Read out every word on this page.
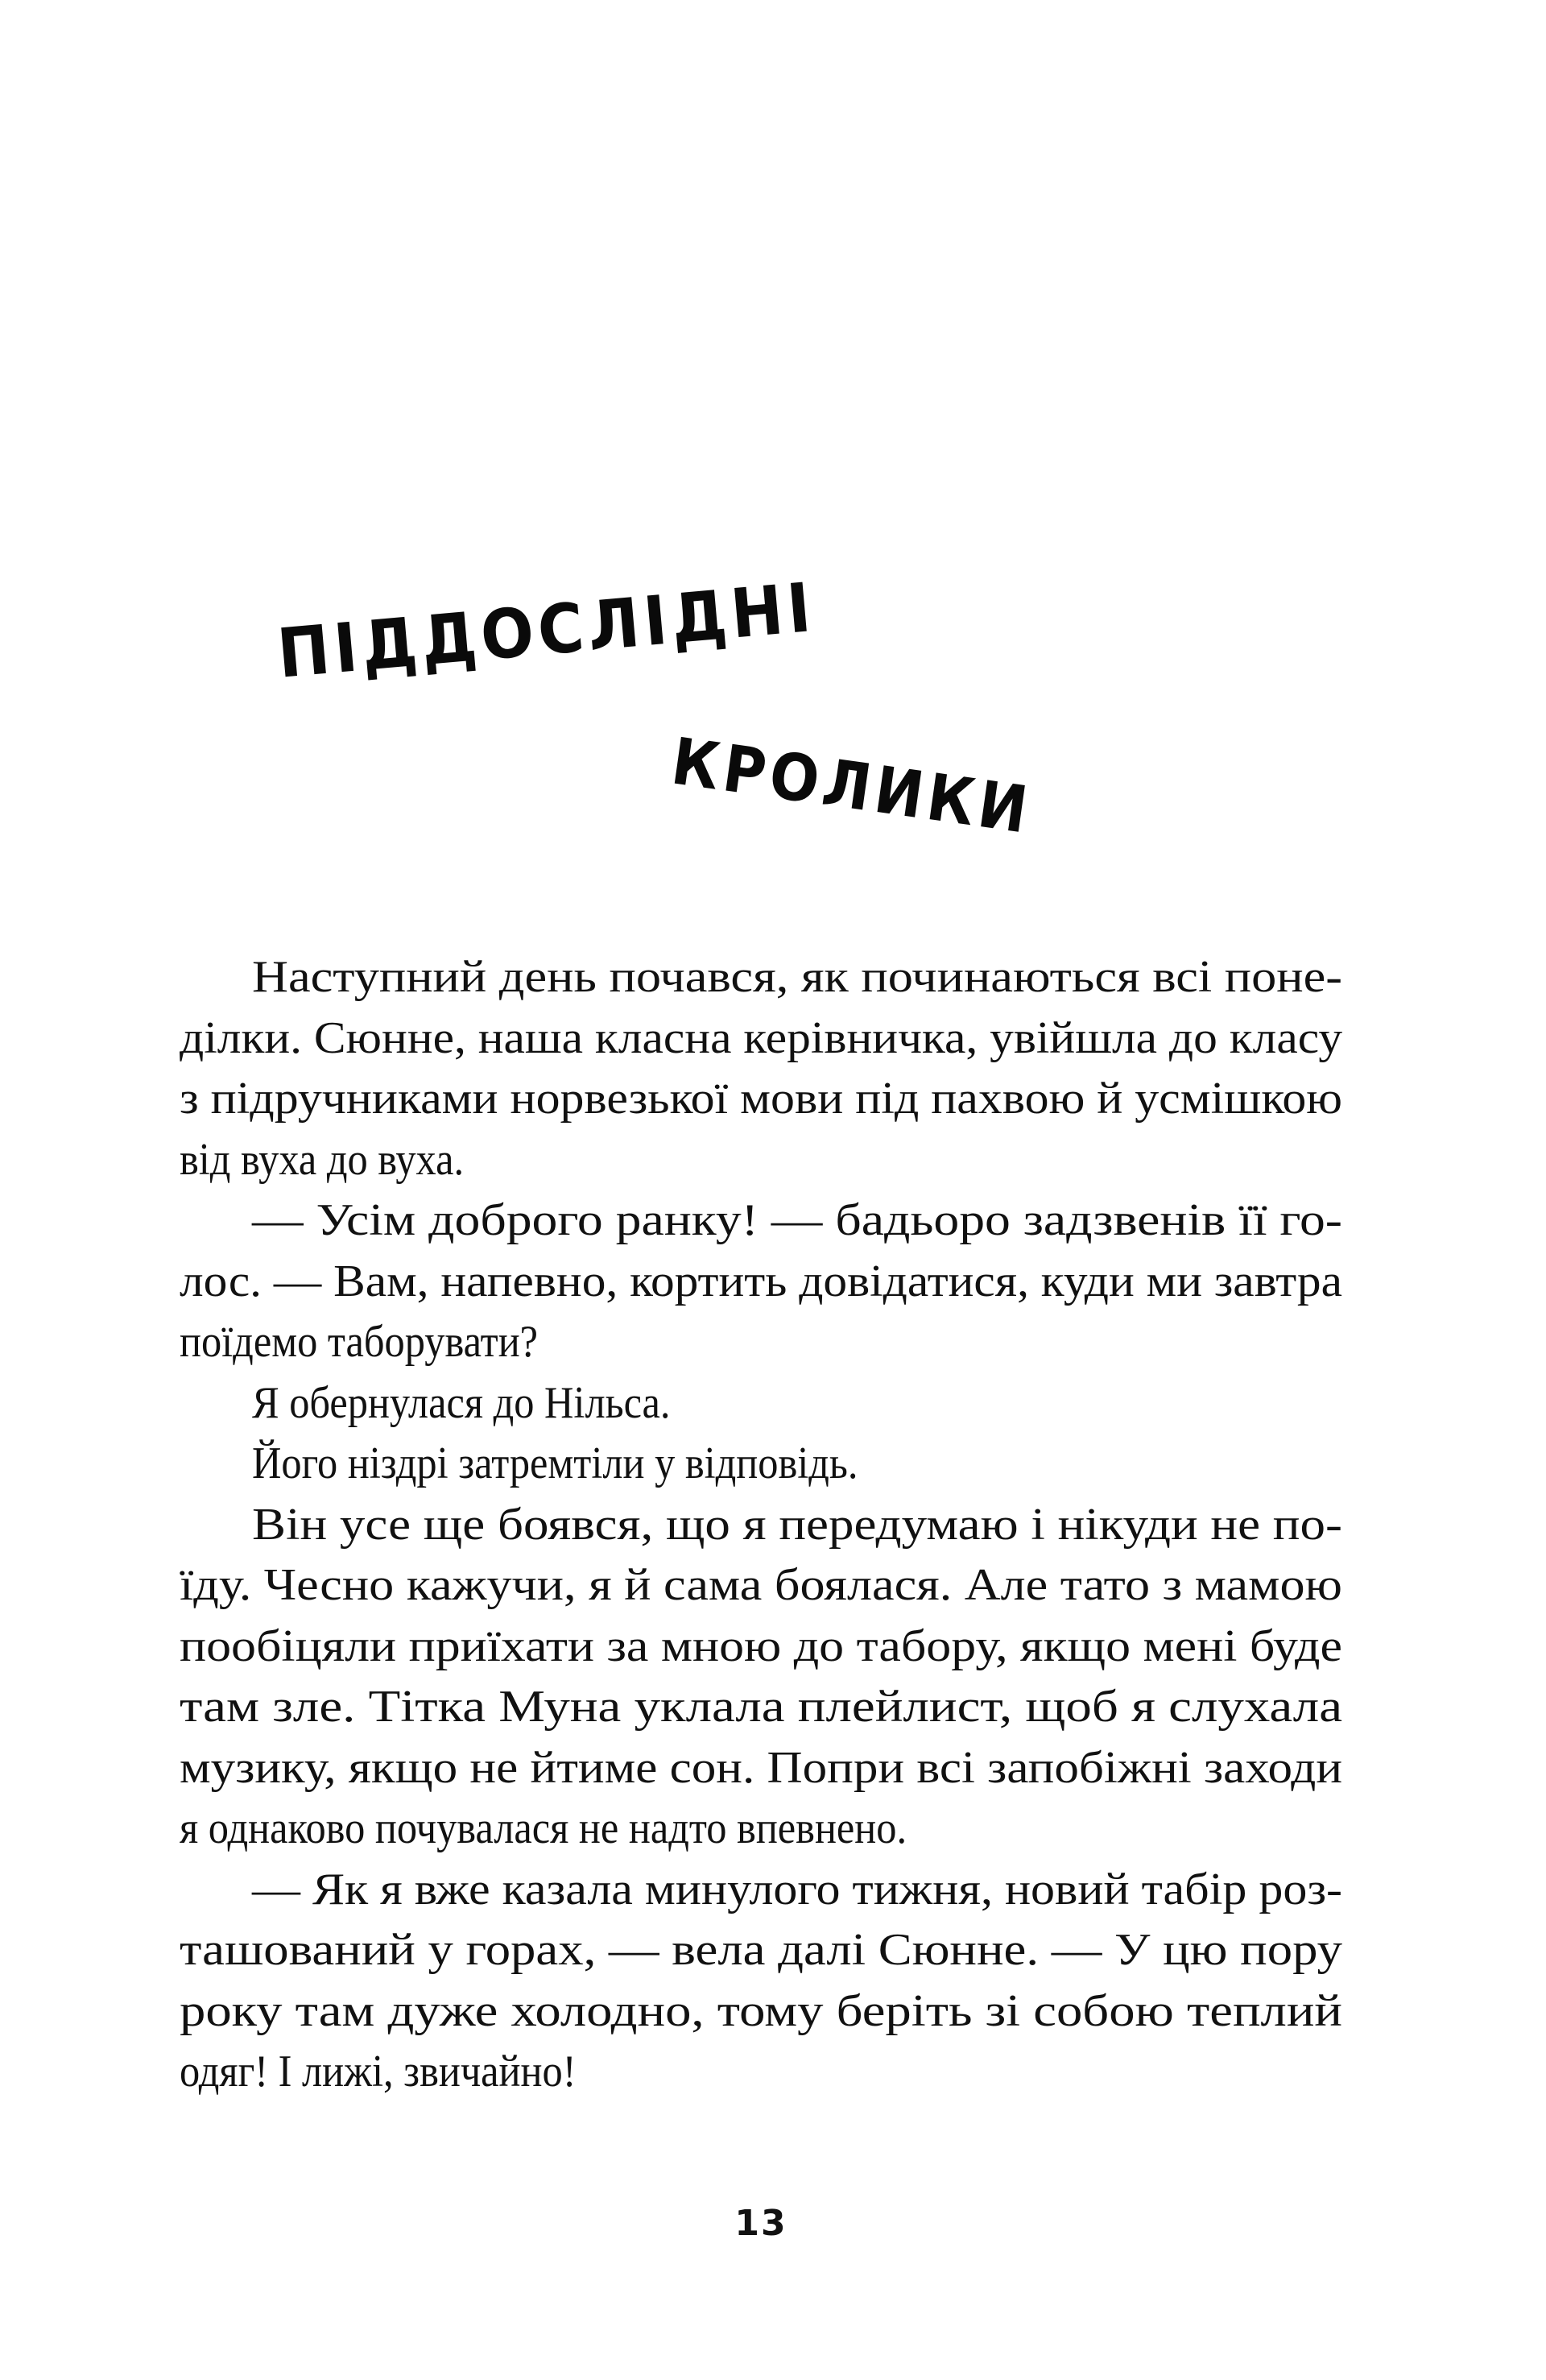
ПІДДОСЛІДНІ
КРОЛИКИ
Наступний день почався, як починаються всі поне-
ділки. Сюнне, наша класна керівничка, увійшла до класу
з підручниками норвезької мови під пахвою й усмішкою
від вуха до вуха.
— Усім доброго ранку! — бадьоро задзвенів її го-
лос. — Вам, напевно, кортить довідатися, куди ми завтра
поїдемо таборувати?
Я обернулася до Нільса.
Його ніздрі затремтіли у відповідь.
Він усе ще боявся, що я передумаю і нікуди не по-
їду. Чесно кажучи, я й сама боялася. Але тато з мамою
пообіцяли приїхати за мною до табору, якщо мені буде
там зле. Тітка Муна уклала плейлист, щоб я слухала
музику, якщо не йтиме сон. Попри всі запобіжні заходи
я однаково почувалася не надто впевнено.
— Як я вже казала минулого тижня, новий табір роз-
ташований у горах, — вела далі Сюнне. — У цю пору
року там дуже холодно, тому беріть зі собою теплий
одяг! І лижі, звичайно!
13
